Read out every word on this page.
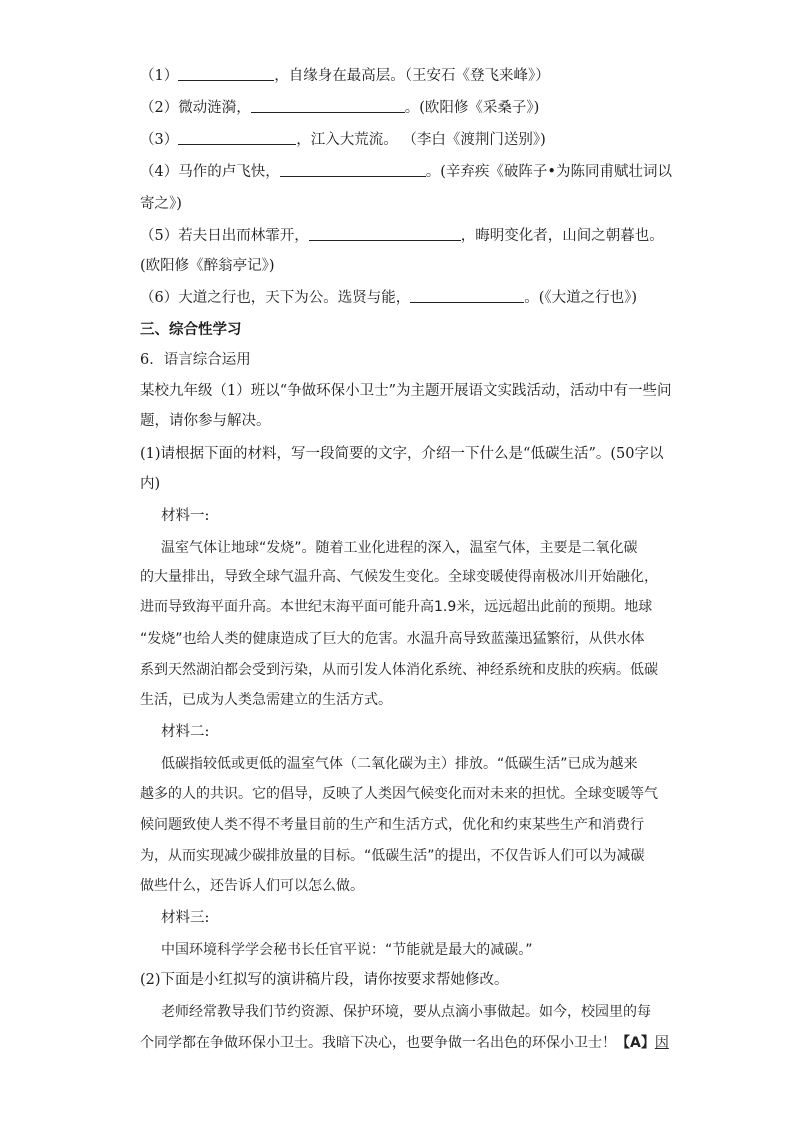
（1）	，自缘身在最高层。（王安石《登飞来峰》）
（2）微动涟漪，	。(欧阳修《采桑子》)
（3）	，江入大荒流。 （李白《渡荆门送别》)
（4）马作的卢飞快，	。(辛弃疾《破阵子•为陈同甫赋壮词以
寄之》)
（5）若夫日出而林霏开，	，晦明变化者，山间之朝暮也。
(欧阳修《醉翁亭记》)
（6）大道之行也，天下为公。选贤与能，	。(《大道之行也》)
三、综合性学习
6．语言综合运用
某校九年级（1）班以“争做环保小卫士”为主题开展语文实践活动，活动中有一些问
题，请你参与解决。
(1)请根据下面的材料，写一段简要的文字，介绍一下什么是“低碳生活”。(50字以
内)
材料一:
温室气体让地球“发烧”。随着工业化进程的深入，温室气体，主要是二氧化碳
的大量排出，导致全球气温升高、气候发生变化。全球变暖使得南极冰川开始融化，
进而导致海平面升高。本世纪末海平面可能升高1.9米，远远超出此前的预期。地球
“发烧”也给人类的健康造成了巨大的危害。水温升高导致蓝藻迅猛繁衍，从供水体
系到天然湖泊都会受到污染，从而引发人体消化系统、神经系统和皮肤的疾病。低碳
生活，已成为人类急需建立的生活方式。
材料二:
低碳指较低或更低的温室气体（二氧化碳为主）排放。“低碳生活”已成为越来
越多的人的共识。它的倡导，反映了人类因气候变化而对未来的担忧。全球变暖等气
候问题致使人类不得不考量目前的生产和生活方式，优化和约束某些生产和消费行
为，从而实现减少碳排放量的目标。“低碳生活”的提出，不仅告诉人们可以为减碳
做些什么，还告诉人们可以怎么做。
材料三:
中国环境科学学会秘书长任官平说：“节能就是最大的减碳。”
(2)下面是小红拟写的演讲稿片段，请你按要求帮她修改。
老师经常教导我们节约资源、保护环境，要从点滴小事做起。如今，校园里的每
个同学都在争做环保小卫士。我暗下决心，也要争做一名出色的环保小卫士！【A】因
